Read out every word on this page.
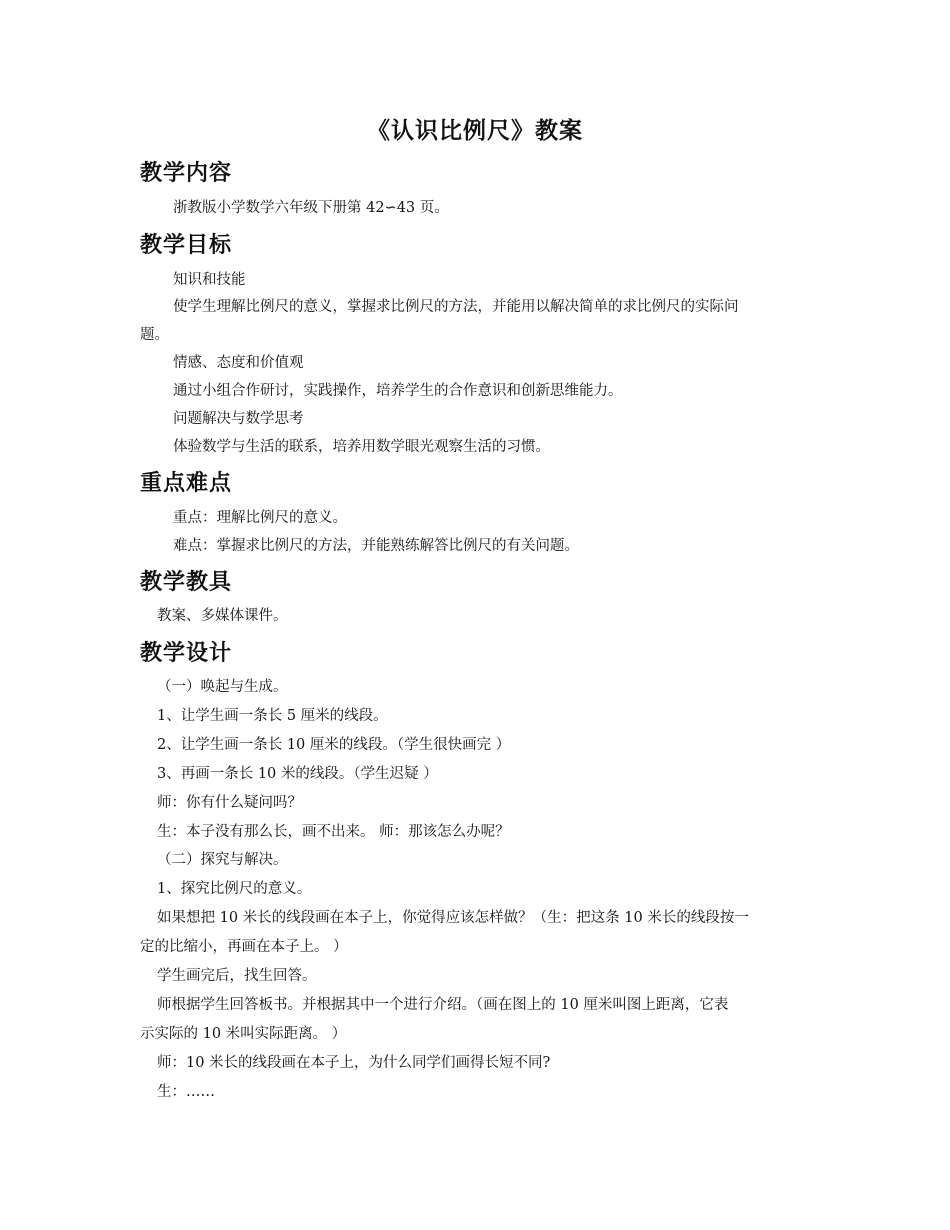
《认识比例尺》教案
教学内容
浙教版小学数学六年级下册第 42∽43 页。
教学目标
知识和技能
使学生理解比例尺的意义，掌握求比例尺的方法，并能用以解决简单的求比例尺的实际问
题。
情感、态度和价值观
通过小组合作研讨，实践操作，培养学生的合作意识和创新思维能力。
问题解决与数学思考
体验数学与生活的联系，培养用数学眼光观察生活的习惯。
重点难点
重点：理解比例尺的意义。
难点：掌握求比例尺的方法，并能熟练解答比例尺的有关问题。
教学教具
教案、多媒体课件。
教学设计
（一）唤起与生成。
1、让学生画一条长 5 厘米的线段。
2、让学生画一条长 10 厘米的线段。（学生很快画完 ）
3、再画一条长 10 米的线段。（学生迟疑 ）
师：你有什么疑问吗？
生：本子没有那么长，画不出来。 师：那该怎么办呢？
（二）探究与解决。
1、探究比例尺的意义。
如果想把 10 米长的线段画在本子上，你觉得应该怎样做？（生：把这条 10 米长的线段按一
定的比缩小，再画在本子上。 ）
学生画完后，找生回答。
师根据学生回答板书。并根据其中一个进行介绍。（画在图上的 10 厘米叫图上距离，它表
示实际的 10 米叫实际距离。 ）
师：10 米长的线段画在本子上，为什么同学们画得长短不同?
生：……
